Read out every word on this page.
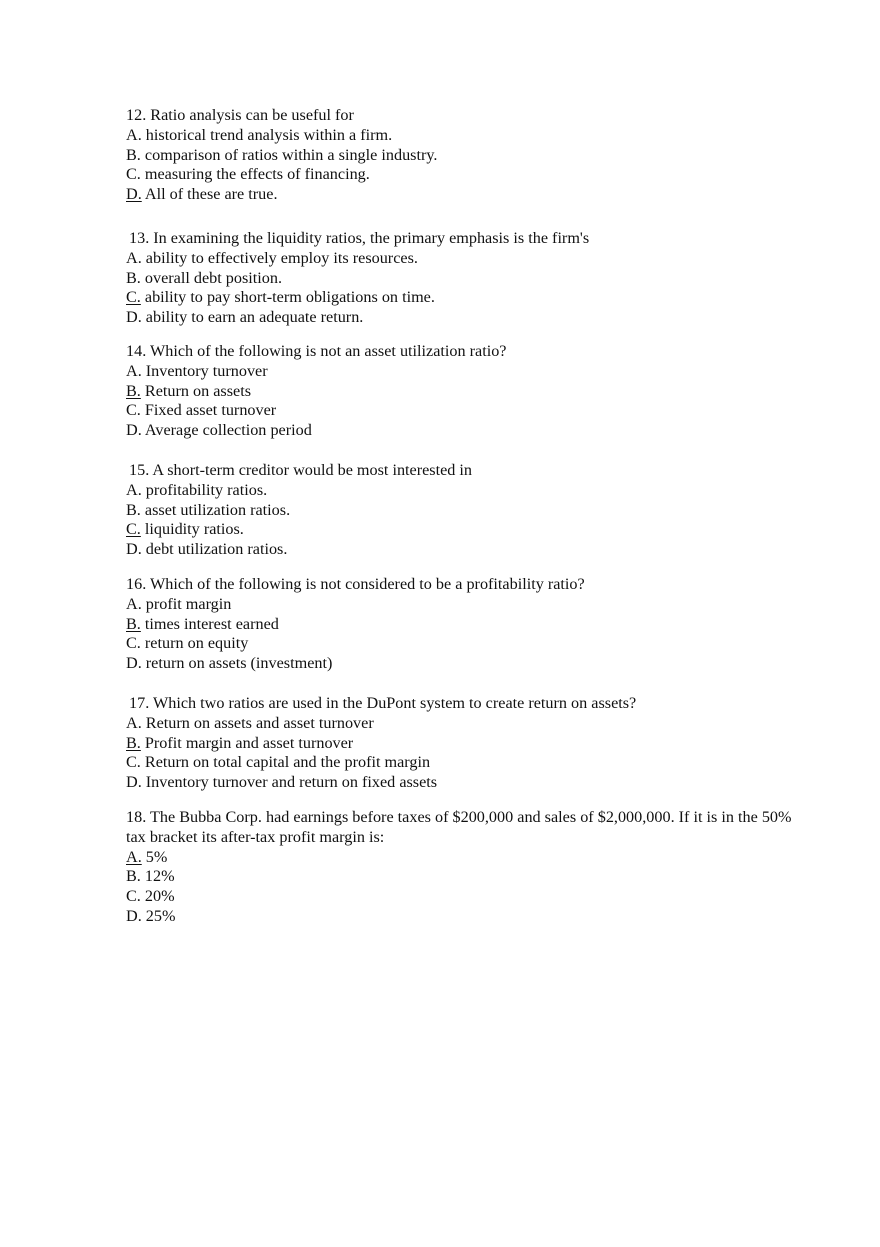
12. Ratio analysis can be useful for

A. historical trend analysis within a firm.

B. comparison of ratios within a single industry.

C. measuring the effects of financing.

D. All of these are true.

13. In examining the liquidity ratios, the primary emphasis is the firm's

A. ability to effectively employ its resources.

B. overall debt position.

C. ability to pay short-term obligations on time.

D. ability to earn an adequate return.

14. Which of the following is not an asset utilization ratio?

A. Inventory turnover

B. Return on assets

C. Fixed asset turnover

D. Average collection period

15. A short-term creditor would be most interested in

A. profitability ratios.

B. asset utilization ratios.

C. liquidity ratios.

D. debt utilization ratios.

16. Which of the following is not considered to be a profitability ratio?

A. profit margin

B. times interest earned

C. return on equity

D. return on assets (investment)

17. Which two ratios are used in the DuPont system to create return on assets?

A. Return on assets and asset turnover

B. Profit margin and asset turnover

C. Return on total capital and the profit margin

D. Inventory turnover and return on fixed assets

18. The Bubba Corp. had earnings before taxes of $200,000 and sales of $2,000,000. If it is in the 50% tax bracket its after-tax profit margin is:

A. 5%

B. 12%

C. 20%

D. 25%
